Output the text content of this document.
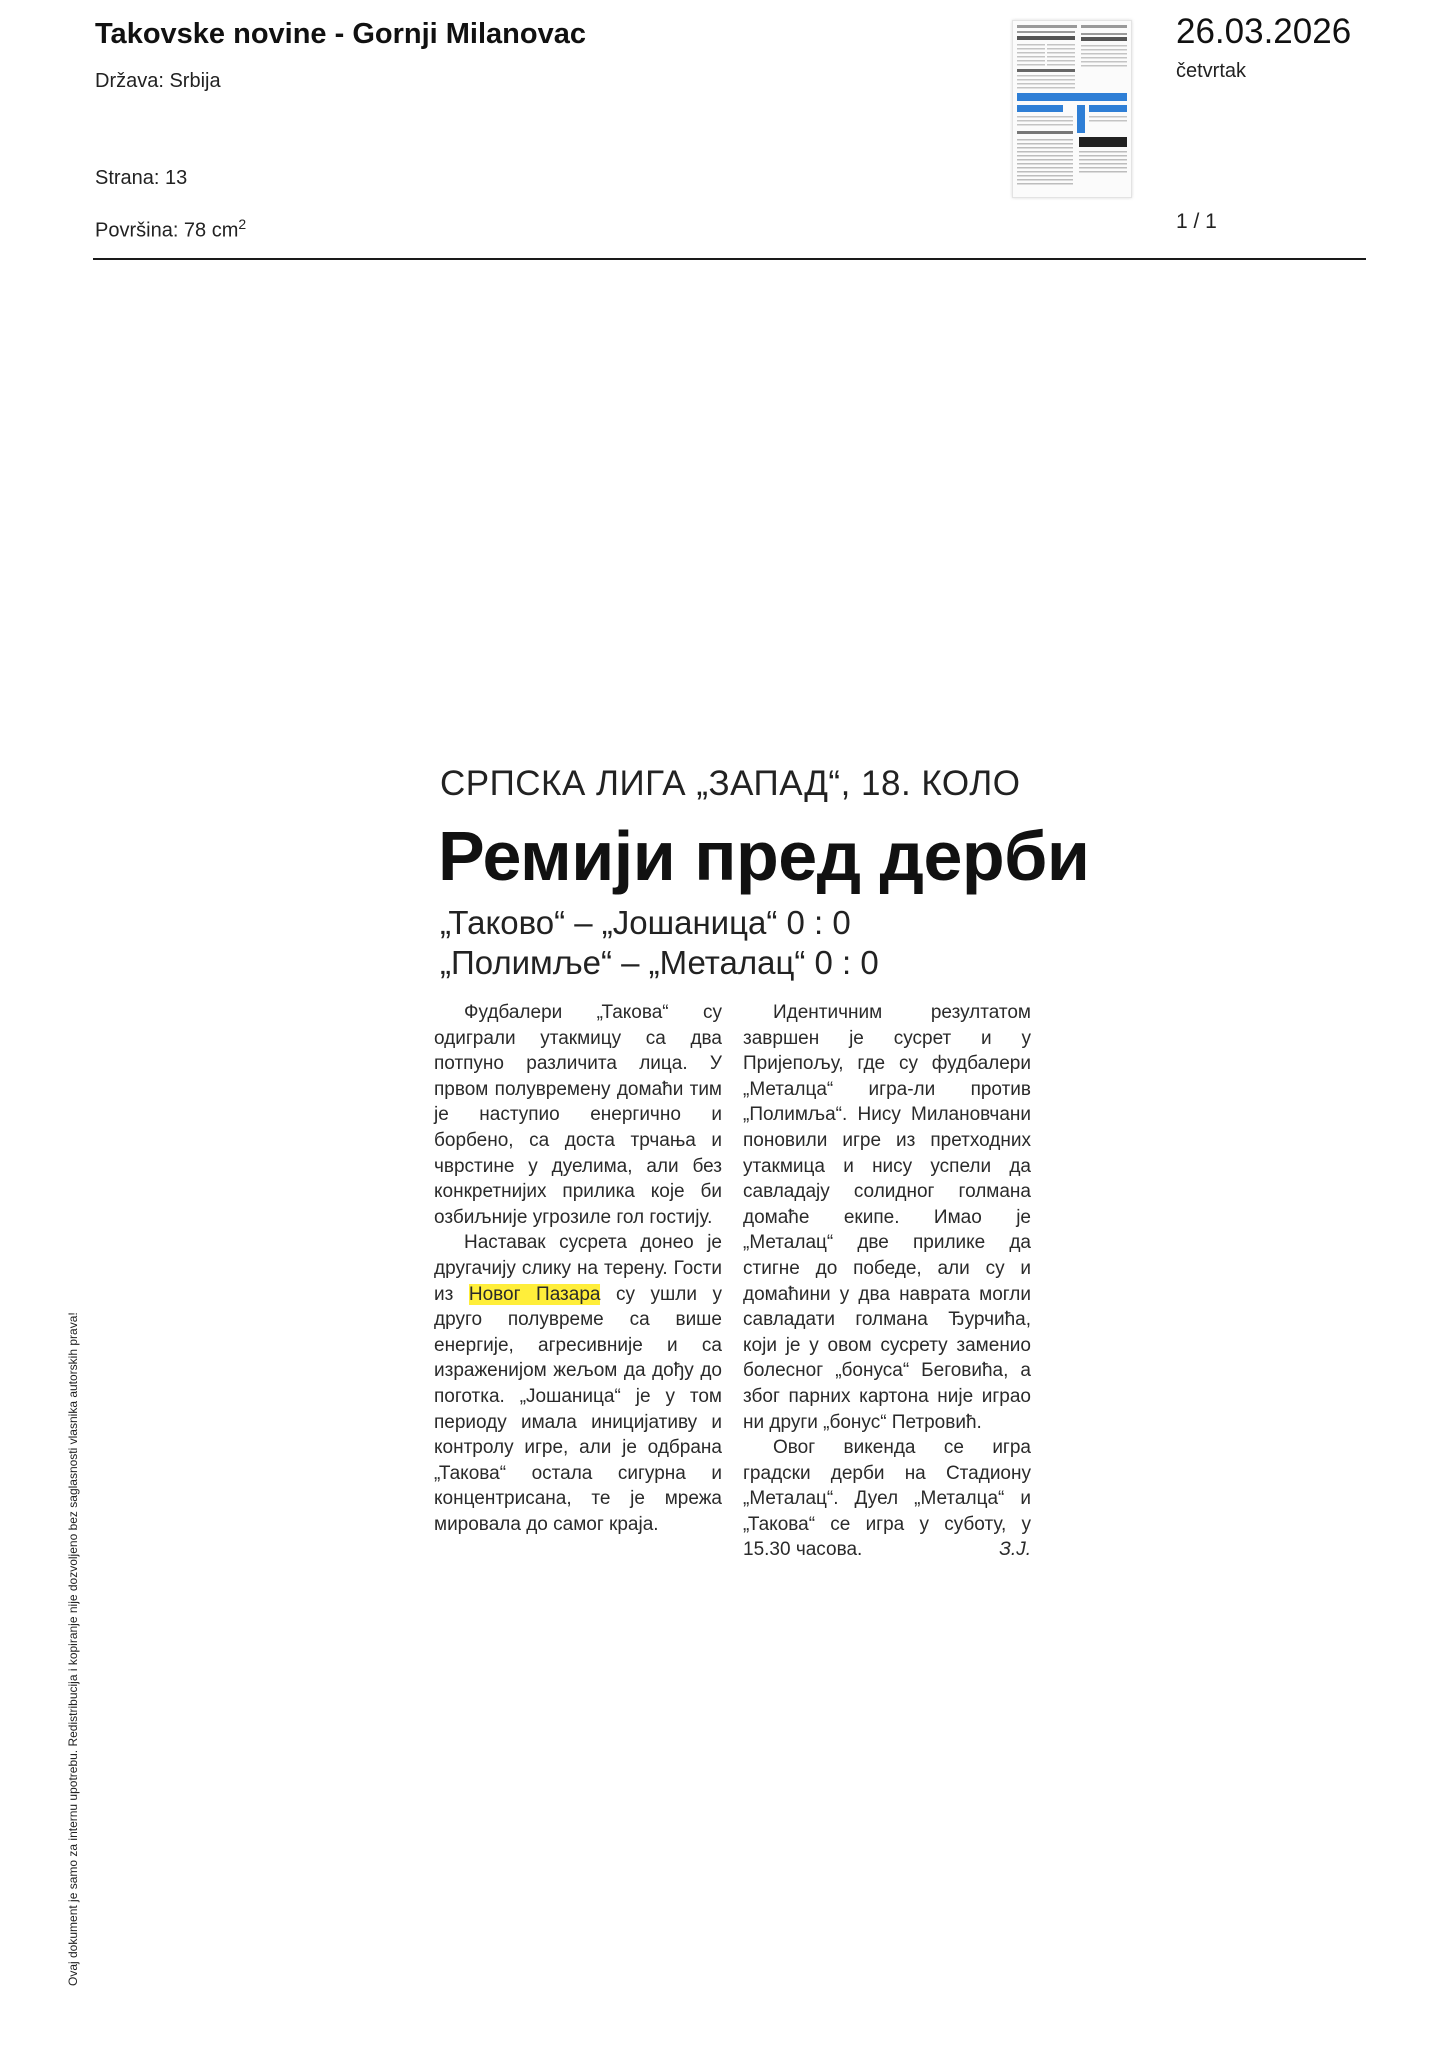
Takovske novine - Gornji Milanovac
Država: Srbija
Strana: 13
Površina: 78 $cm^2$
26.03.2026
četvrtak
1 / 1
СРПСКА ЛИГА „ЗАПАД“, 18. КОЛО
Ремији пред дерби
„Таково“ – „Јошаница“ 0 : 0
„Полимље“ – „Металац“ 0 : 0

Фудбалери „Такова“ су одиграли утакмицу са два потпуно различита лица. У првом полувремену домаћи тим је наступио енергично и борбено, са доста трчања и чврстине у дуелима, али без конкретнијих прилика које би озбиљније угрозиле гол гостију.

Наставак сусрета донео је другачију слику на терену. Гости из Новог Пазара су ушли у друго полувреме са више енергије, агресивније и са израженијом жељом да дођу до поготка. „Јошаница“ је у том периоду имала иницијативу и контролу игре, али је одбрана „Такова“ остала сигурна и концентрисана, те је мрежа мировала до самог краја.

Идентичним резултатом завршен је сусрет и у Пријепољу, где су фудбалери „Металца“ игра-ли против „Полимља“. Нису Милановчани поновили игре из претходних утакмица и нису успели да савладају солидног голмана домаће екипе. Имао је „Металац“ две прилике да стигне до победе, али су и домаћини у два наврата могли савладати голмана Ђурчића, који је у овом сусрету заменио болесног „бонуса“ Беговића, а због парних картона није играо ни други „бонус“ Петровић.

Овог викенда се игра градски дерби на Стадиону „Металац“. Дуел „Металца“ и „Такова“ се игра у суботу, у 15.30 часова.	З.Ј.

Ovaj dokument je samo za internu upotrebu. Redistribucija i kopiranje nije dozvoljeno bez saglasnosti vlasnika autorskih prava!
